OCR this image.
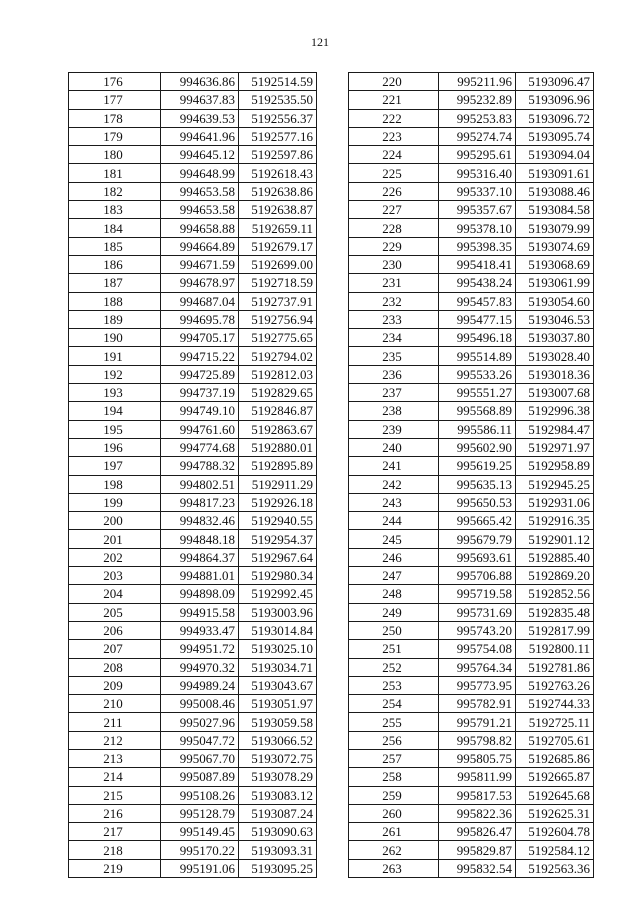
121
176	994636.86	5192514.59
177	994637.83	5192535.50
178	994639.53	5192556.37
179	994641.96	5192577.16
180	994645.12	5192597.86
181	994648.99	5192618.43
182	994653.58	5192638.86
183	994653.58	5192638.87
184	994658.88	5192659.11
185	994664.89	5192679.17
186	994671.59	5192699.00
187	994678.97	5192718.59
188	994687.04	5192737.91
189	994695.78	5192756.94
190	994705.17	5192775.65
191	994715.22	5192794.02
192	994725.89	5192812.03
193	994737.19	5192829.65
194	994749.10	5192846.87
195	994761.60	5192863.67
196	994774.68	5192880.01
197	994788.32	5192895.89
198	994802.51	5192911.29
199	994817.23	5192926.18
200	994832.46	5192940.55
201	994848.18	5192954.37
202	994864.37	5192967.64
203	994881.01	5192980.34
204	994898.09	5192992.45
205	994915.58	5193003.96
206	994933.47	5193014.84
207	994951.72	5193025.10
208	994970.32	5193034.71
209	994989.24	5193043.67
210	995008.46	5193051.97
211	995027.96	5193059.58
212	995047.72	5193066.52
213	995067.70	5193072.75
214	995087.89	5193078.29
215	995108.26	5193083.12
216	995128.79	5193087.24
217	995149.45	5193090.63
218	995170.22	5193093.31
219	995191.06	5193095.25
220	995211.96	5193096.47
221	995232.89	5193096.96
222	995253.83	5193096.72
223	995274.74	5193095.74
224	995295.61	5193094.04
225	995316.40	5193091.61
226	995337.10	5193088.46
227	995357.67	5193084.58
228	995378.10	5193079.99
229	995398.35	5193074.69
230	995418.41	5193068.69
231	995438.24	5193061.99
232	995457.83	5193054.60
233	995477.15	5193046.53
234	995496.18	5193037.80
235	995514.89	5193028.40
236	995533.26	5193018.36
237	995551.27	5193007.68
238	995568.89	5192996.38
239	995586.11	5192984.47
240	995602.90	5192971.97
241	995619.25	5192958.89
242	995635.13	5192945.25
243	995650.53	5192931.06
244	995665.42	5192916.35
245	995679.79	5192901.12
246	995693.61	5192885.40
247	995706.88	5192869.20
248	995719.58	5192852.56
249	995731.69	5192835.48
250	995743.20	5192817.99
251	995754.08	5192800.11
252	995764.34	5192781.86
253	995773.95	5192763.26
254	995782.91	5192744.33
255	995791.21	5192725.11
256	995798.82	5192705.61
257	995805.75	5192685.86
258	995811.99	5192665.87
259	995817.53	5192645.68
260	995822.36	5192625.31
261	995826.47	5192604.78
262	995829.87	5192584.12
263	995832.54	5192563.36
